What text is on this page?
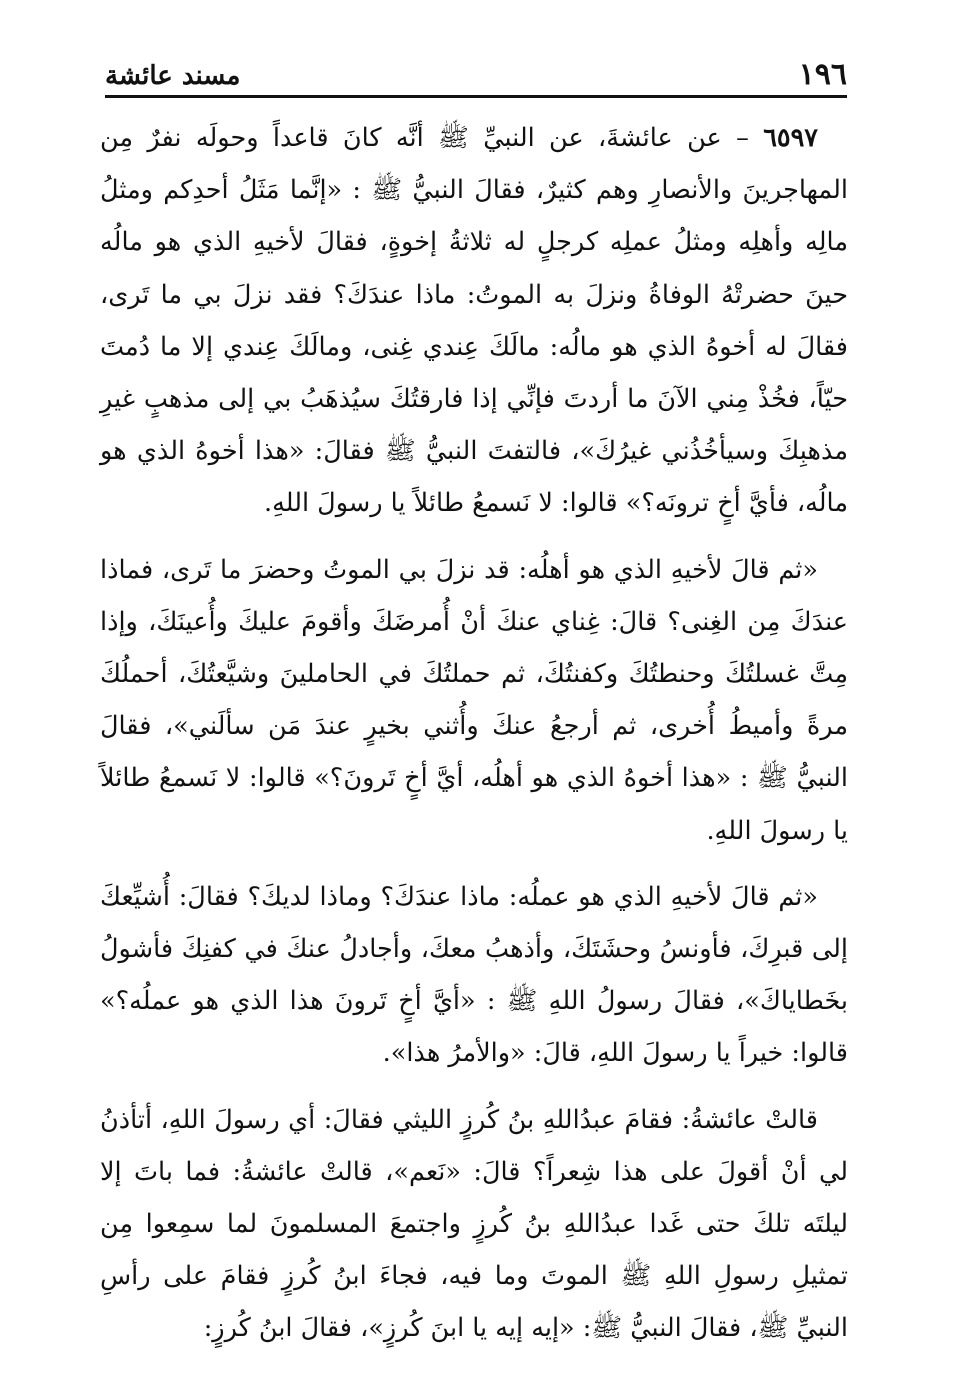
١٩٦
مسند عائشة

٦٥٩٧ – عن عائشةَ، عن النبيِّ ﷺ أنَّه كانَ قاعداً وحولَه نفرٌ مِن المهاجرينَ والأنصارِ وهم كثيرٌ، فقالَ النبيُّ ﷺ : «إنَّما مَثَلُ أحدِكم ومثلُ مالِه وأهلِه ومثلُ عملِه كرجلٍ له ثلاثةُ إخوةٍ، فقالَ لأخيهِ الذي هو مالُه حينَ حضرتْهُ الوفاةُ ونزلَ به الموتُ: ماذا عندَكَ؟ فقد نزلَ بي ما تَرى، فقالَ له أخوهُ الذي هو مالُه: مالَكَ عِندي غِنى، ومالَكَ عِندي إلا ما دُمتَ حيّاً، فخُذْ مِني الآنَ ما أردتَ فإنِّي إذا فارقتُكَ سيُذهَبُ بي إلى مذهبٍ غيرِ مذهبِكَ وسيأخُذُني غيرُكَ»، فالتفتَ النبيُّ ﷺ فقالَ: «هذا أخوهُ الذي هو مالُه، فأيَّ أخٍ ترونَه؟» قالوا: لا نَسمعُ طائلاً يا رسولَ اللهِ.

«ثم قالَ لأخيهِ الذي هو أهلُه: قد نزلَ بي الموتُ وحضرَ ما تَرى، فماذا عندَكَ مِن الغِنى؟ قالَ: غِناي عنكَ أنْ أُمرضَكَ وأقومَ عليكَ وأُعينَكَ، وإذا مِتَّ غسلتُكَ وحنطتُكَ وكفنتُكَ، ثم حملتُكَ في الحاملينَ وشيَّعتُكَ، أحملُكَ مرةً وأميطُ أُخرى، ثم أرجعُ عنكَ وأُثني بخيرٍ عندَ مَن سألَني»، فقالَ النبيُّ ﷺ : «هذا أخوهُ الذي هو أهلُه، أيَّ أخٍ تَرونَ؟» قالوا: لا نَسمعُ طائلاً يا رسولَ اللهِ.

«ثم قالَ لأخيهِ الذي هو عملُه: ماذا عندَكَ؟ وماذا لديكَ؟ فقالَ: أُشيِّعكَ إلى قبرِكَ، فأونسُ وحشَتَكَ، وأذهبُ معكَ، وأجادلُ عنكَ في كفنِكَ فأشولُ بخَطاياكَ»، فقالَ رسولُ اللهِ ﷺ : «أيَّ أخٍ تَرونَ هذا الذي هو عملُه؟» قالوا: خيراً يا رسولَ اللهِ، قالَ: «والأمرُ هذا».

قالتْ عائشةُ: فقامَ عبدُاللهِ بنُ كُرزٍ الليثي فقالَ: أي رسولَ اللهِ، أتأذنُ لي أنْ أقولَ على هذا شِعراً؟ قالَ: «نَعم»، قالتْ عائشةُ: فما باتَ إلا ليلتَه تلكَ حتى غَدا عبدُاللهِ بنُ كُرزٍ واجتمعَ المسلمونَ لما سمِعوا مِن تمثيلِ رسولِ اللهِ ﷺ الموتَ وما فيه، فجاءَ ابنُ كُرزٍ فقامَ على رأسِ النبيِّ ﷺ، فقالَ النبيُّ ﷺ: «إيه إيه يا ابنَ كُرزٍ»، فقالَ ابنُ كُرزٍ:
